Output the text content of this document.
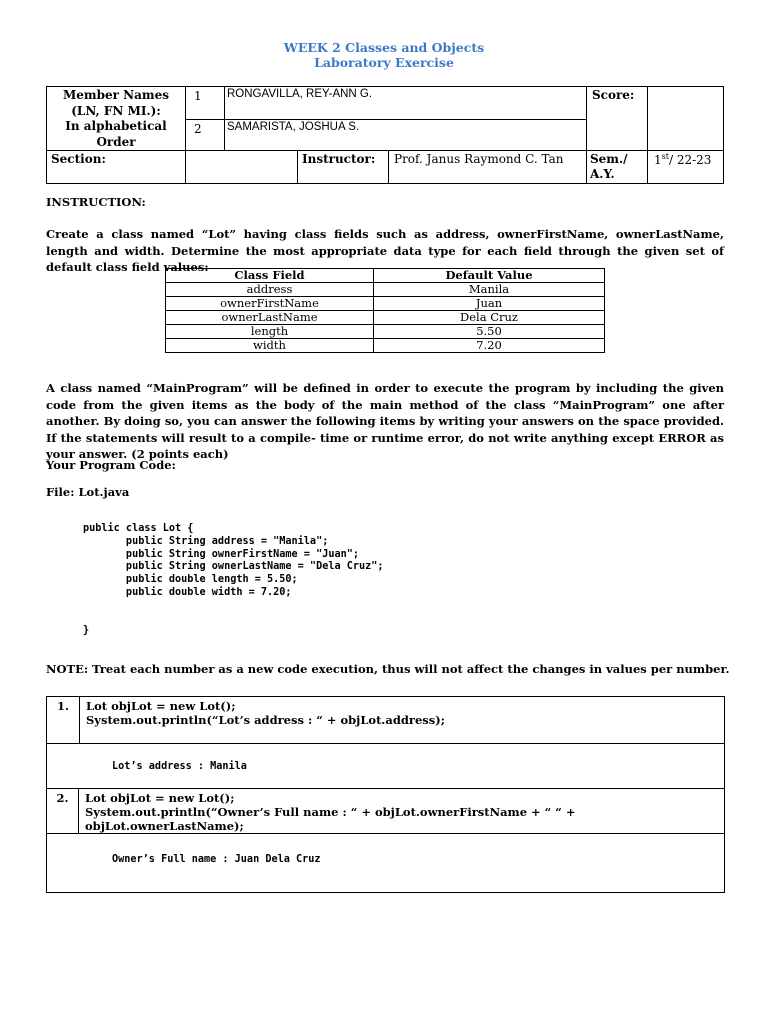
WEEK 2 Classes and Objects
Laboratory Exercise
Member Names
(LN, FN MI.):
In alphabetical
Order	1	RONGAVILLA, REY-ANN G.			Score:	
	2	SAMARISTA, JOSHUA S.				
Section:			Instructor:	Prof. Janus Raymond C. Tan	Sem./
A.Y.	1st/ 22-23
INSTRUCTION:
Create a class named “Lot” having class fields such as address, ownerFirstName, ownerLastName, length and width. Determine the most appropriate data type for each field through the given set of default class field values:
Class Field	Default Value
address	Manila
ownerFirstName	Juan
ownerLastName	Dela Cruz
length	5.50
width	7.20
A class named “MainProgram” will be defined in order to execute the program by including the given code from the given items as the body of the main method of the class “MainProgram” one after another. By doing so, you can answer the following items by writing your answers on the space provided. If the statements will result to a compile- time or runtime error, do not write anything except ERROR as your answer. (2 points each)
Your Program Code:
File: Lot.java
public class Lot {
public String address = "Manila";
public String ownerFirstName = "Juan";
public String ownerLastName = "Dela Cruz";
public double length = 5.50;
public double width = 7.20;

}
NOTE: Treat each number as a new code execution, thus will not affect the changes in values per number.
1.	Lot objLot = new Lot();
System.out.println(“Lot’s address : “ + objLot.address);
Lot’s address : Manila
2.	Lot objLot = new Lot();
System.out.println(“Owner’s Full name : “ + objLot.ownerFirstName + “ “ + objLot.ownerLastName);
Owner’s Full name : Juan Dela Cruz
